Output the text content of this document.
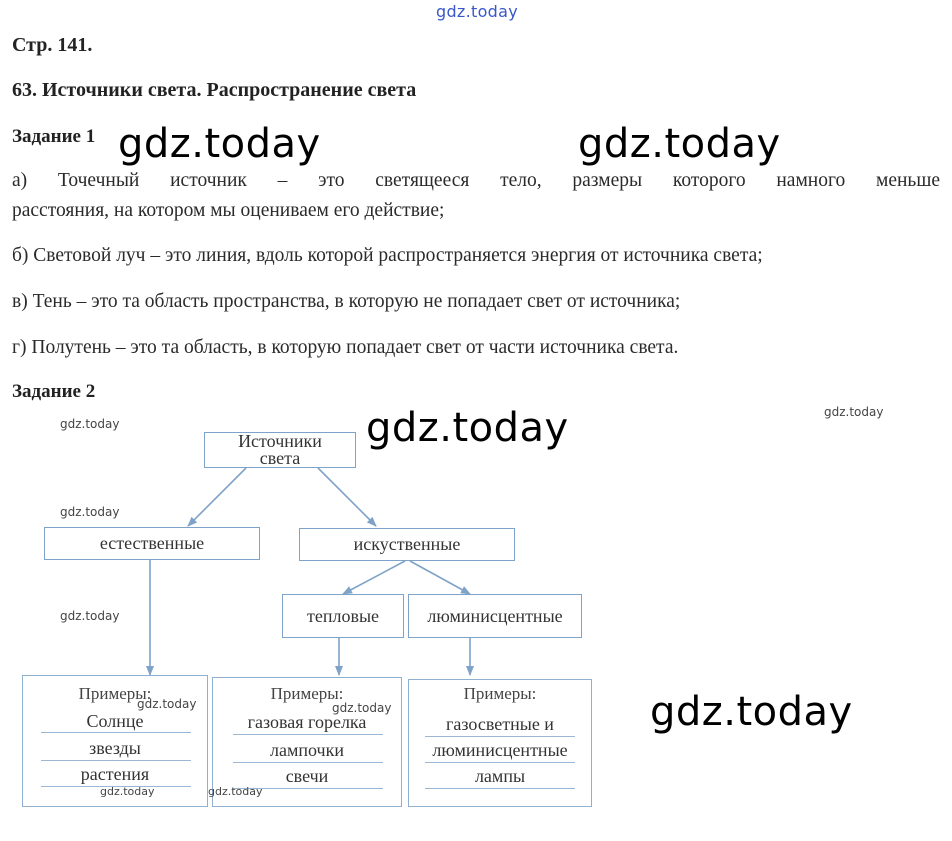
gdz.today
Стр. 141.
63. Источники света. Распространение света
Задание 1
а) Точечный источник – это светящееся тело, размеры которого намного меньше
расстояния, на котором мы оцениваем его действие;
б) Световой луч – это линия, вдоль которой распространяется энергия от источника света;
в) Тень – это та область пространства, в которую не попадает свет от источника;
г) Полутень – это та область, в которую попадает свет от части источника света.
Задание 2
Источники
света
естественные	искуственные
тепловые	люминисцентные
Примеры:
Солнце
звезды
растения
Примеры:
газовая горелка
лампочки
свечи
Примеры:
газосветные и
люминисцентные
лампы
gdz.today	gdz.today
gdz.today
gdz.today
gdz.today
gdz.today
gdz.today
gdz.today
gdz.today	gdz.today
gdz.today	gdz.today
